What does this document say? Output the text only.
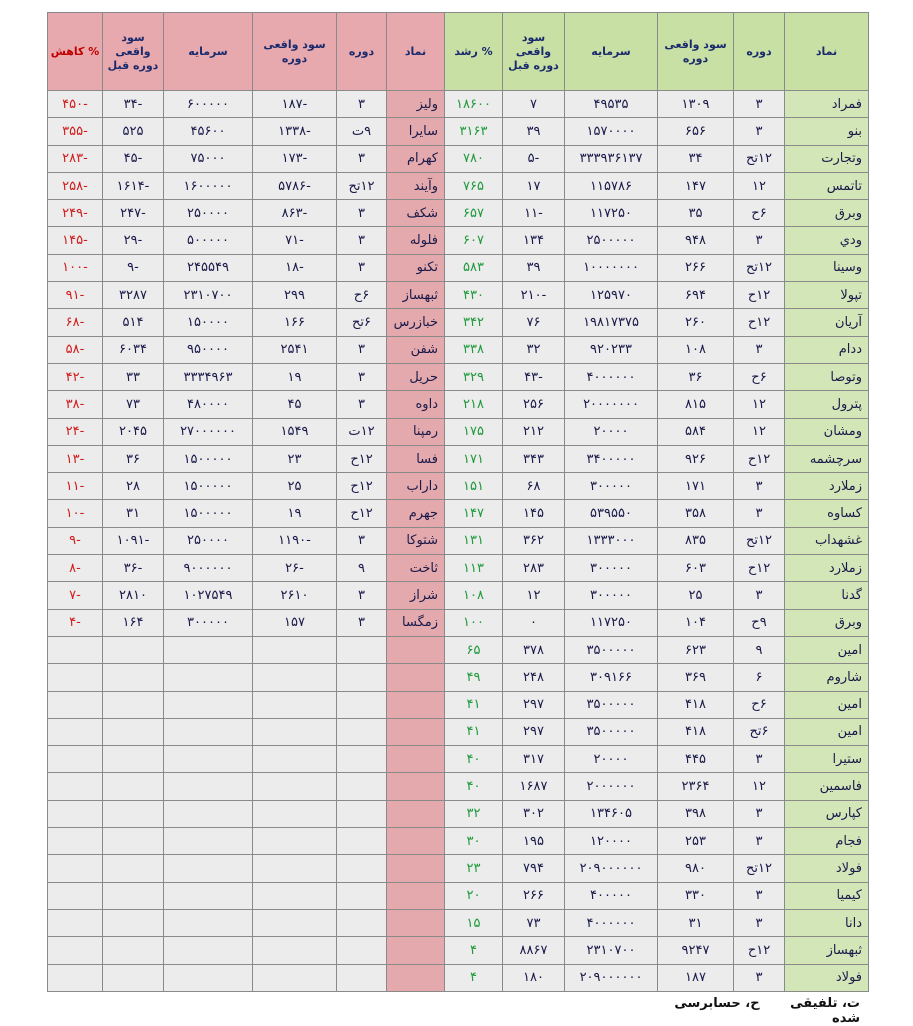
نماد	دوره	سود واقعی دوره	سرمایه	سود واقعی دوره قبل	% رشد	نماد	دوره	سود واقعی دوره	سرمایه	سود واقعی دوره قبل	% کاهش
فمراد	۳	۱۳۰۹	۴۹۵۳۵	۷	۱۸۶۰۰	ولیز	۳	-۱۸۷	۶۰۰۰۰۰	-۳۴	-۴۵۰
بنو	۳	۶۵۶	۱۵۷۰۰۰۰	۳۹	۳۱۶۳	سایرا	۹ت	-۱۳۳۸	۴۵۶۰۰	۵۲۵	-۳۵۵
وتجارت	۱۲تح	۳۴	۳۳۳۹۳۶۱۳۷	-۵	۷۸۰	کهرام	۳	-۱۷۳	۷۵۰۰۰	-۴۵	-۲۸۳
تاتمس	۱۲	۱۴۷	۱۱۵۷۸۶	۱۷	۷۶۵	وآیند	۱۲تح	-۵۷۸۶	۱۶۰۰۰۰۰	-۱۶۱۴	-۲۵۸
وبرق	۶ح	۳۵	۱۱۷۲۵۰	-۱۱	۶۵۷	شکف	۳	-۸۶۳	۲۵۰۰۰۰	-۲۴۷	-۲۴۹
ودي	۳	۹۴۸	۲۵۰۰۰۰۰	۱۳۴	۶۰۷	فلوله	۳	-۷۱	۵۰۰۰۰۰	-۲۹	-۱۴۵
وسینا	۱۲تح	۲۶۶	۱۰۰۰۰۰۰۰	۳۹	۵۸۳	تکنو	۳	-۱۸	۲۴۵۵۴۹	-۹	-۱۰۰
تپولا	۱۲ح	۶۹۴	۱۲۵۹۷۰	-۲۱۰	۴۳۰	ثبهساز	۶ح	۲۹۹	۲۳۱۰۷۰۰	۳۲۸۷	-۹۱
آریان	۱۲ح	۲۶۰	۱۹۸۱۷۳۷۵	۷۶	۳۴۲	خبازرس	۶تح	۱۶۶	۱۵۰۰۰۰	۵۱۴	-۶۸
ددام	۳	۱۰۸	۹۲۰۲۳۳	۳۲	۳۳۸	شفن	۳	۲۵۴۱	۹۵۰۰۰۰	۶۰۳۴	-۵۸
وتوصا	۶ح	۳۶	۴۰۰۰۰۰۰	-۴۳	۳۲۹	حریل	۳	۱۹	۳۳۳۴۹۶۳	۳۳	-۴۲
پترول	۱۲	۸۱۵	۲۰۰۰۰۰۰۰	۲۵۶	۲۱۸	داوه	۳	۴۵	۴۸۰۰۰۰	۷۳	-۳۸
ومشان	۱۲	۵۸۴	۲۰۰۰۰	۲۱۲	۱۷۵	رمپنا	۱۲ت	۱۵۴۹	۲۷۰۰۰۰۰۰	۲۰۴۵	-۲۴
سرچشمه	۱۲ح	۹۲۶	۳۴۰۰۰۰۰	۳۴۳	۱۷۱	فسا	۱۲ح	۲۳	۱۵۰۰۰۰۰	۳۶	-۱۳
زملارد	۳	۱۷۱	۳۰۰۰۰۰	۶۸	۱۵۱	داراب	۱۲ح	۲۵	۱۵۰۰۰۰۰	۲۸	-۱۱
کساوه	۳	۳۵۸	۵۳۹۵۵۰	۱۴۵	۱۴۷	جهرم	۱۲ح	۱۹	۱۵۰۰۰۰۰	۳۱	-۱۰
غشهداب	۱۲تح	۸۳۵	۱۳۳۳۰۰۰	۳۶۲	۱۳۱	شتوکا	۳	-۱۱۹۰	۲۵۰۰۰۰	-۱۰۹۱	-۹
زملارد	۱۲ح	۶۰۳	۳۰۰۰۰۰	۲۸۳	۱۱۳	ثاخت	۹	-۲۶	۹۰۰۰۰۰۰	-۳۶	-۸
گدنا	۳	۲۵	۳۰۰۰۰۰	۱۲	۱۰۸	شراز	۳	۲۶۱۰	۱۰۲۷۵۴۹	۲۸۱۰	-۷
وبرق	۹ح	۱۰۴	۱۱۷۲۵۰	۰	۱۰۰	زمگسا	۳	۱۵۷	۳۰۰۰۰۰	۱۶۴	-۴
امین	۹	۶۲۳	۳۵۰۰۰۰۰	۳۷۸	۶۵						
شاروم	۶	۳۶۹	۳۰۹۱۶۶	۲۴۸	۴۹						
امین	۶ح	۴۱۸	۳۵۰۰۰۰۰	۲۹۷	۴۱						
امین	۶تح	۴۱۸	۳۵۰۰۰۰۰	۲۹۷	۴۱						
ستیرا	۳	۴۴۵	۲۰۰۰۰	۳۱۷	۴۰						
فاسمین	۱۲	۲۳۶۴	۲۰۰۰۰۰۰	۱۶۸۷	۴۰						
کپارس	۳	۳۹۸	۱۳۴۶۰۵	۳۰۲	۳۲						
فجام	۳	۲۵۳	۱۲۰۰۰۰	۱۹۵	۳۰						
فولاد	۱۲تح	۹۸۰	۲۰۹۰۰۰۰۰۰	۷۹۴	۲۳						
کیمیا	۳	۳۳۰	۴۰۰۰۰۰	۲۶۶	۲۰						
دانا	۳	۳۱	۴۰۰۰۰۰۰	۷۳	۱۵						
ثبهساز	۱۲ح	۹۲۴۷	۲۳۱۰۷۰۰	۸۸۶۷	۴						
فولاد	۳	۱۸۷	۲۰۹۰۰۰۰۰۰	۱۸۰	۴						
ت، تلفیقی ح، حسابرسی شده
